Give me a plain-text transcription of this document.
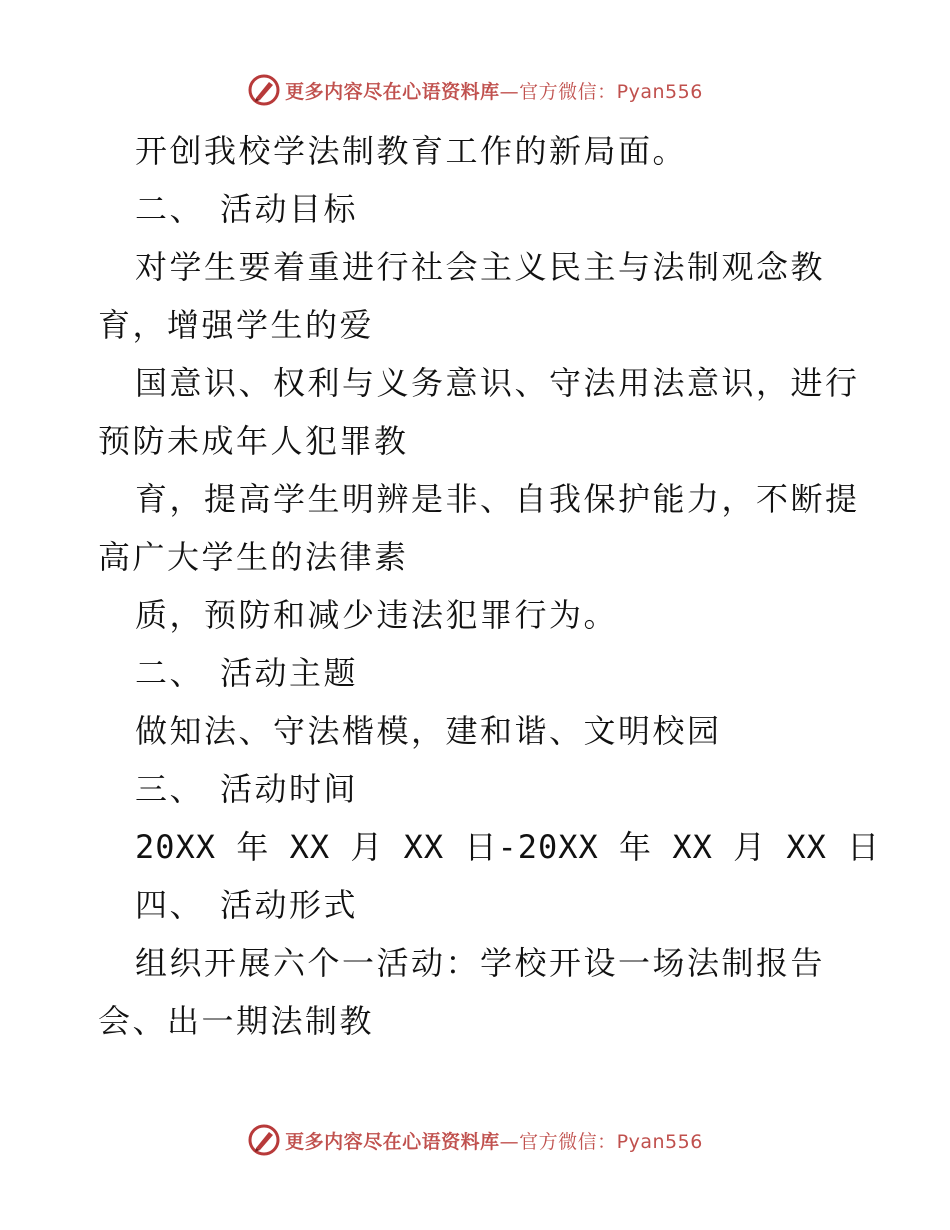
更多内容尽在心语资料库—官方微信：Pyan556
开创我校学法制教育工作的新局面。
二、 活动目标
对学生要着重进行社会主义民主与法制观念教
育，增强学生的爱
国意识、权利与义务意识、守法用法意识，进行
预防未成年人犯罪教
育，提高学生明辨是非、自我保护能力，不断提
高广大学生的法律素
质，预防和减少违法犯罪行为。
二、 活动主题
做知法、守法楷模，建和谐、文明校园
三、 活动时间
20XX 年 XX 月 XX 日-20XX 年 XX 月 XX 日
四、 活动形式
组织开展六个一活动：学校开设一场法制报告
会、出一期法制教
更多内容尽在心语资料库—官方微信：Pyan556
